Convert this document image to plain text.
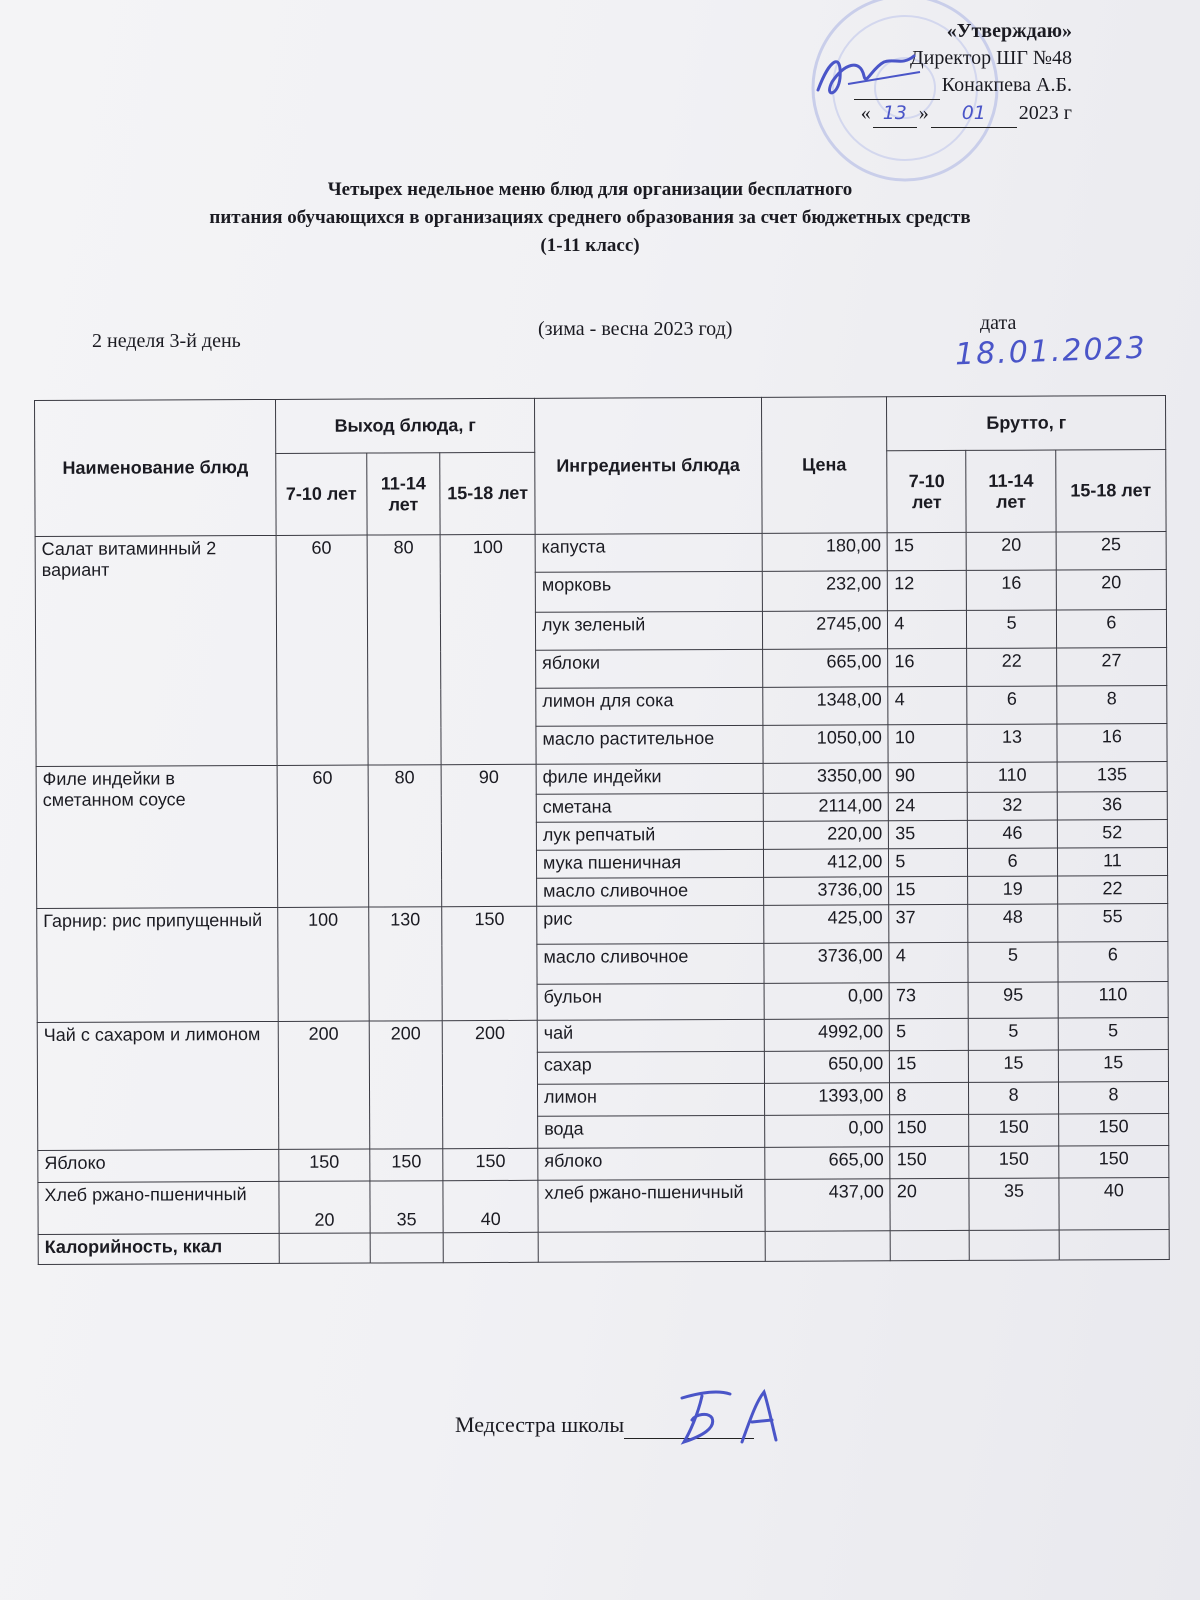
«Утверждаю»
Директор ШГ №48

Конакпева А.Б.
« 13 »	01	2023 г
Четырех недельное меню блюд для организации бесплатного
питания обучающихся в организациях среднего образования за счет бюджетных средств
(1-11 класс)
2 неделя 3-й день
(зима - весна 2023 год)	дата
18.01.2023
Наименование блюд	Выход блюда, г			Ингредиенты блюда	Цена	Брутто, г		
	7-10 лет	11-14 лет	15-18 лет			7-10 лет	11-14 лет	15-18 лет
Салат витаминный 2 вариант	60	80	100	капуста	180,00	15	20	25
				морковь	232,00	12	16	20
				лук зеленый	2745,00	4	5	6
				яблоки	665,00	16	22	27
				лимон для сока	1348,00	4	6	8
				масло растительное	1050,00	10	13	16
Филе индейки в сметанном соусе	60	80	90	филе индейки	3350,00	90	110	135
				сметана	2114,00	24	32	36
				лук репчатый	220,00	35	46	52
				мука пшеничная	412,00	5	6	11
				масло сливочное	3736,00	15	19	22
Гарнир: рис припущенный	100	130	150	рис	425,00	37	48	55
				масло сливочное	3736,00	4	5	6
				бульон	0,00	73	95	110
Чай с сахаром и лимоном	200	200	200	чай	4992,00	5	5	5
				сахар	650,00	15	15	15
				лимон	1393,00	8	8	8
				вода	0,00	150	150	150
Яблоко	150	150	150	яблоко	665,00	150	150	150
Хлеб ржано-пшеничный	20	35	40	хлеб ржано-пшеничный	437,00	20	35	40
Калорийность, ккал								
Медсестра школы
